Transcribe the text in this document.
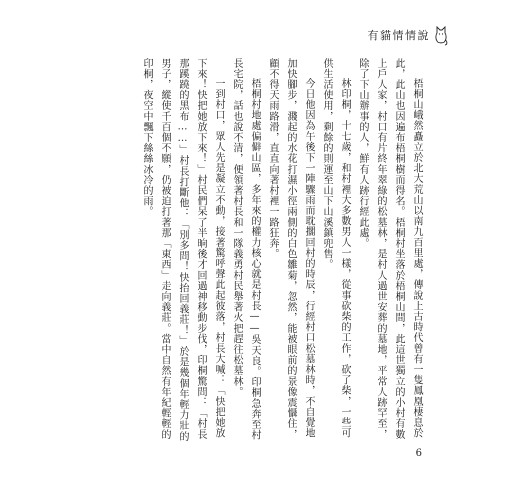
有貓情情說

梧桐山峨然矗立於北大荒山以南九百里處，傳說上古時代曾有一隻鳳凰棲息於此，此山也因遍布梧桐樹而得名。梧桐村坐落於梧桐山間，此這世獨立的小村有數上戶人家，村口有片終年翠綠的松墓林，是村人過世安葬的墓地，平常人跡罕至，除了下山辦事的人，鮮有人跡行經此處。

林印桐，十七歲，和村裡大多數男人一樣，從事砍柴的工作，砍了柴，一些可供生活使用，剩餘的則運至山下山溪鎮兜售。

今日他因為午後下一陣驟雨而耽擱回村的時辰，行經村口松墓林時，不自覺地加快腳步，濺起的水花打濕小徑兩側的白色雛菊，忽然，能被眼前的景像震懾住，顧不得天雨路滑，直直向著村裡一路狂奔。

梧桐村地處偏僻山區，多年來的權力核心就是村長——吳天良。印桐急奔至村長宅院，話也說不清，便領著村長和一隊義勇村民舉著火把趕往松墓林。

一到村口，眾人先是凝立不動，接著驚呼聲此起彼落，村長大喊：「快把她放下來！快把她放下來！」村民們呆了半晌後才回過神移動步伐，印桐驚問：「村長那蹊蹺的黑布……」村長打斷他：「別多問！快抬回義莊！」於是幾個年輕力壯的男子，縱使千百個不願，仍被迫打著那「東西」走向義莊。當中自然有年紀輕輕的印桐，夜空中飄下絲絲冰冷的雨。

6
